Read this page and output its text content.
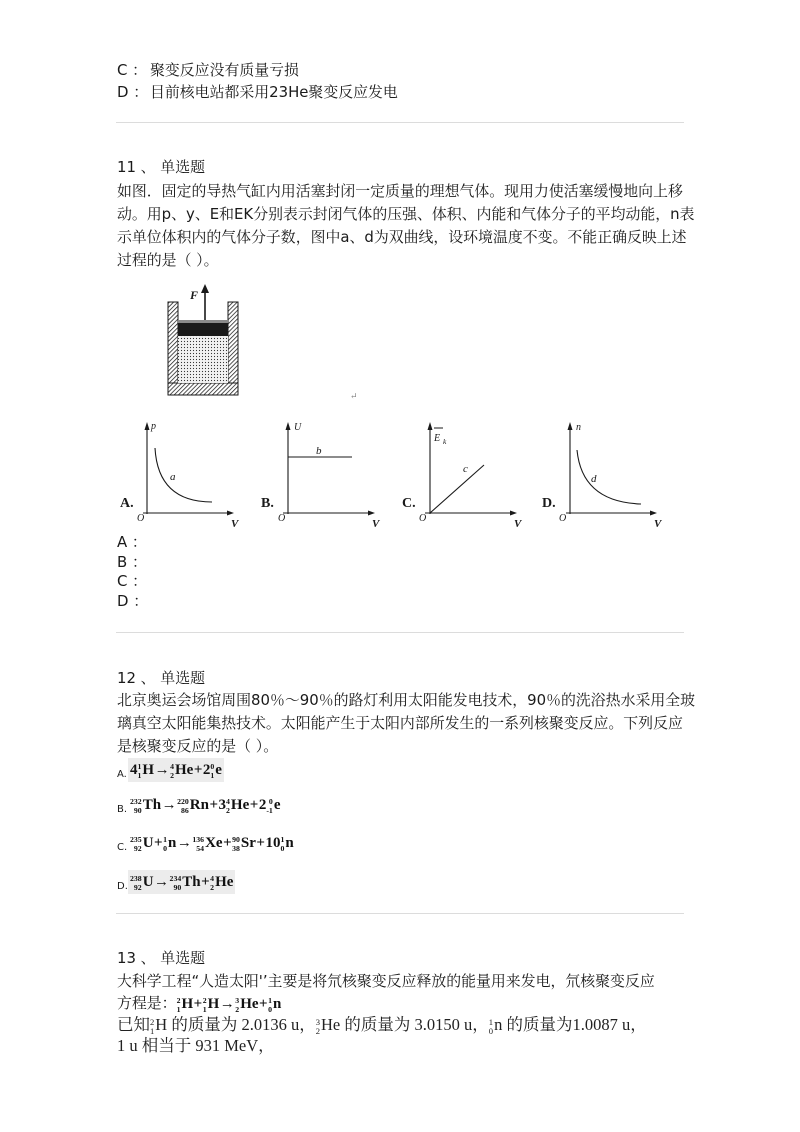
C ： 聚变反应没有质量亏损
D ： 目前核电站都采用23He聚变反应发电
11 、 单选题
如图．固定的导热气缸内用活塞封闭一定质量的理想气体。现用力使活塞缓慢地向上移
动。用p、y、E和EK分别表示封闭气体的压强、体积、内能和气体分子的平均动能，n表
示单位体积内的气体分子数，图中a、d为双曲线，设环境温度不变。不能正确反映上述
过程的是（ ）。
F
↵
p
a
A.
O	V
U
b
B.
O	V
E k
c
C.
O	V
n
d
D.
O	V
A ：
B ：
C ：
D ：
12 、 单选题
北京奥运会场馆周围80％～90％的路灯利用太阳能发电技术，90％的洗浴热水采用全玻
璃真空太阳能集热技术。太阳能产生于太阳内部所发生的一系列核聚变反应。下列反应
是核聚变反应的是（ ）。
A. 4 1
1 H→ 4
2 He+2 0
1 e
B.
232
90 Th→ 220
86 Rn+3 4
2 He+2 0
-1 e
C.
235
92 U+ 1
0 n→ 136
54 Xe+ 90
38 Sr+10 1
0 n
D.
238
92 U→ 234
90 Th+ 4
2 He
13 、 单选题
大科学工程“人造太阳'’主要是将氘核聚变反应释放的能量用来发电，氘核聚变反应
方程是： 2
1 H+ 2
1 H→ 3
2 He+ 1
0 n
已知 2
1 H 的质量为 2.0136 u， 3
2 He 的质量为 3.0150 u， 1
0 n 的质量为1.0087 u，
1 u 相当于 931 MeV，
